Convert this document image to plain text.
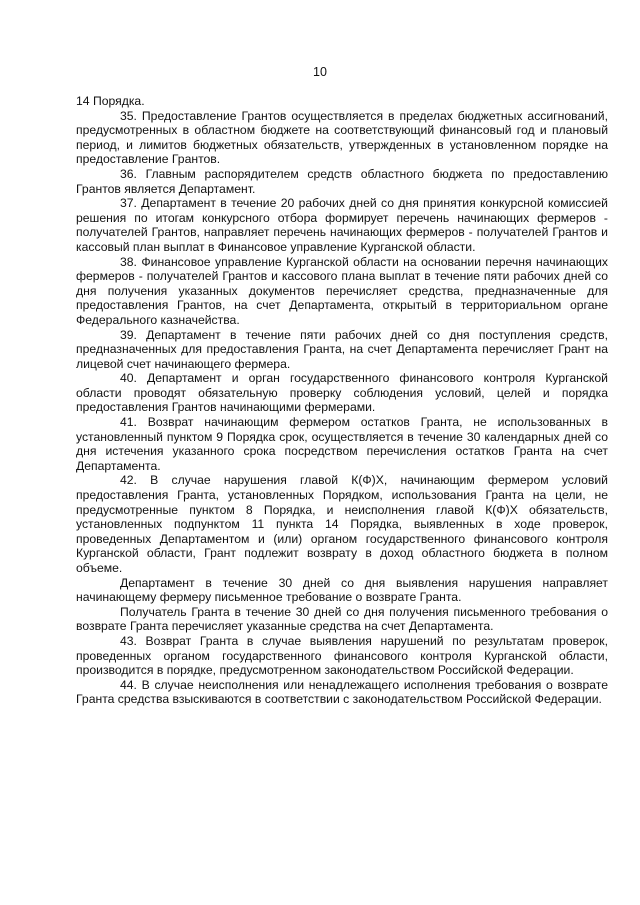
10

14 Порядка.

35. Предоставление Грантов осуществляется в пределах бюджетных ассигнований, предусмотренных в областном бюджете на соответствующий финансовый год и плановый период, и лимитов бюджетных обязательств, утвержденных в установленном порядке на предоставление Грантов.

36. Главным распорядителем средств областного бюджета по предоставлению Грантов является Департамент.

37. Департамент в течение 20 рабочих дней со дня принятия конкурсной комиссией решения по итогам конкурсного отбора формирует перечень начинающих фермеров - получателей Грантов, направляет перечень начинающих фермеров - получателей Грантов и кассовый план выплат в Финансовое управление Курганской области.

38. Финансовое управление Курганской области на основании перечня начинающих фермеров - получателей Грантов и кассового плана выплат в течение пяти рабочих дней со дня получения указанных документов перечисляет средства, предназначенные для предоставления Грантов, на счет Департамента, открытый в территориальном органе Федерального казначейства.

39. Департамент в течение пяти рабочих дней со дня поступления средств, предназначенных для предоставления Гранта, на счет Департамента перечисляет Грант на лицевой счет начинающего фермера.

40. Департамент и орган государственного финансового контроля Курганской области проводят обязательную проверку соблюдения условий, целей и порядка предоставления Грантов начинающими фермерами.

41. Возврат начинающим фермером остатков Гранта, не использованных в установленный пунктом 9 Порядка срок, осуществляется в течение 30 календарных дней со дня истечения указанного срока посредством перечисления остатков Гранта на счет Департамента.

42. В случае нарушения главой К(Ф)Х, начинающим фермером условий предоставления Гранта, установленных Порядком, использования Гранта на цели, не предусмотренные пунктом 8 Порядка, и неисполнения главой К(Ф)Х обязательств, установленных подпунктом 11 пункта 14 Порядка, выявленных в ходе проверок, проведенных Департаментом и (или) органом государственного финансового контроля Курганской области, Грант подлежит возврату в доход областного бюджета в полном объеме.

Департамент в течение 30 дней со дня выявления нарушения направляет начинающему фермеру письменное требование о возврате Гранта.

Получатель Гранта в течение 30 дней со дня получения письменного требования о возврате Гранта перечисляет указанные средства на счет Департамента.

43. Возврат Гранта в случае выявления нарушений по результатам проверок, проведенных органом государственного финансового контроля Курганской области, производится в порядке, предусмотренном законодательством Российской Федерации.

44. В случае неисполнения или ненадлежащего исполнения требования о возврате Гранта средства взыскиваются в соответствии с законодательством Российской Федерации.
